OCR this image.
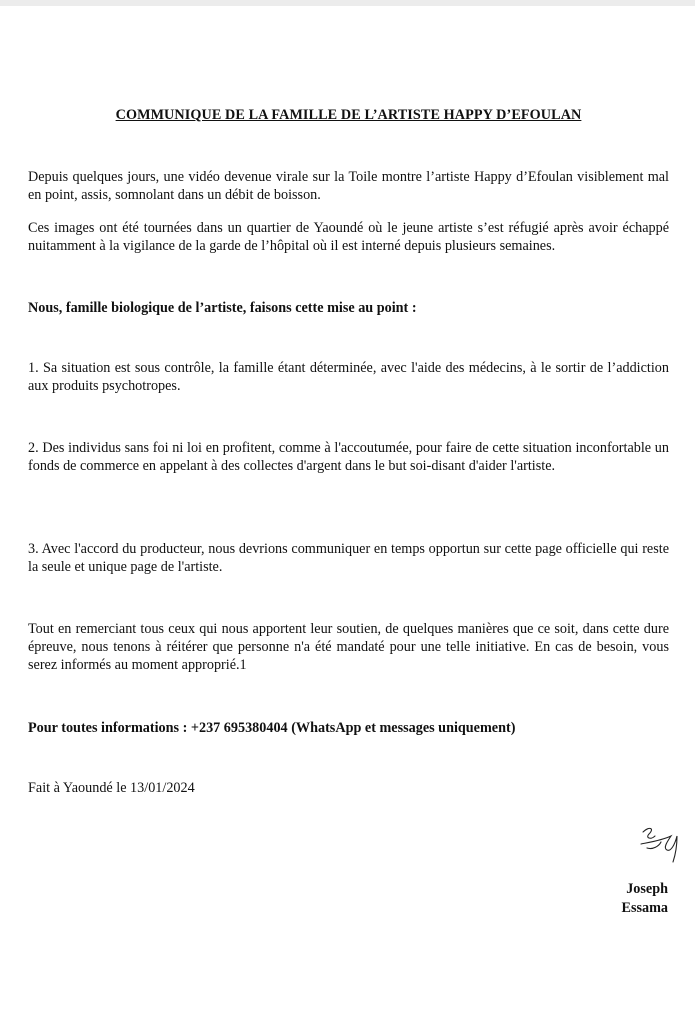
COMMUNIQUE DE LA FAMILLE DE L’ARTISTE HAPPY D’EFOULAN

Depuis quelques jours, une vidéo devenue virale sur la Toile montre l’artiste Happy d’Efoulan visiblement mal en point, assis, somnolant dans un débit de boisson.

Ces images ont été tournées dans un quartier de Yaoundé où le jeune artiste s’est réfugié après avoir échappé nuitamment à la vigilance de la garde de l’hôpital où il est interné depuis plusieurs semaines.

Nous, famille biologique de l’artiste, faisons cette mise au point :

1. Sa situation est sous contrôle, la famille étant déterminée, avec l'aide des médecins, à le sortir de l’addiction aux produits psychotropes.

2. Des individus sans foi ni loi en profitent, comme à l'accoutumée, pour faire de cette situation inconfortable un fonds de commerce en appelant à des collectes d'argent dans le but soi-disant d'aider l'artiste.

3. Avec l'accord du producteur, nous devrions communiquer en temps opportun sur cette page officielle qui reste la seule et unique page de l'artiste.

Tout en remerciant tous ceux qui nous apportent leur soutien, de quelques manières que ce soit, dans cette dure épreuve, nous tenons à réitérer que personne n'a été mandaté pour une telle initiative. En cas de besoin, vous serez informés au moment approprié.1

Pour toutes informations : +237 695380404 (WhatsApp et messages uniquement)

Fait à Yaoundé le 13/01/2024

Joseph
Essama
